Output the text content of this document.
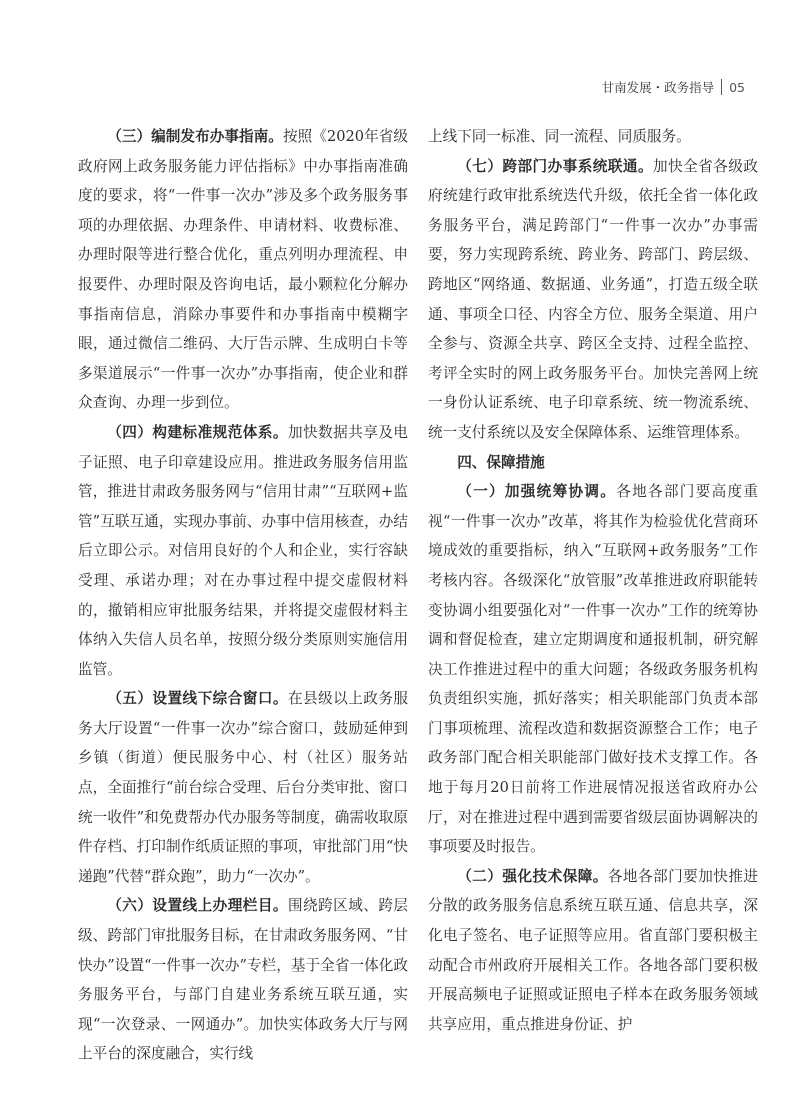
甘南发展・政务指导 05

（三）编制发布办事指南。按照《2020年省级政府网上政务服务能力评估指标》中办事指南准确度的要求，将“一件事一次办”涉及多个政务服务事项的办理依据、办理条件、申请材料、收费标准、办理时限等进行整合优化，重点列明办理流程、申报要件、办理时限及咨询电话，最小颗粒化分解办事指南信息，消除办事要件和办事指南中模糊字眼，通过微信二维码、大厅告示牌、生成明白卡等多渠道展示“一件事一次办”办事指南，使企业和群众查询、办理一步到位。

（四）构建标准规范体系。加快数据共享及电子证照、电子印章建设应用。推进政务服务信用监管，推进甘肃政务服务网与“信用甘肃”“互联网+监管”互联互通，实现办事前、办事中信用核查，办结后立即公示。对信用良好的个人和企业，实行容缺受理、承诺办理；对在办事过程中提交虚假材料的，撤销相应审批服务结果，并将提交虚假材料主体纳入失信人员名单，按照分级分类原则实施信用监管。

（五）设置线下综合窗口。在县级以上政务服务大厅设置“一件事一次办”综合窗口，鼓励延伸到乡镇（街道）便民服务中心、村（社区）服务站点，全面推行“前台综合受理、后台分类审批、窗口统一收件”和免费帮办代办服务等制度，确需收取原件存档、打印制作纸质证照的事项，审批部门用“快递跑”代替“群众跑”，助力“一次办”。

（六）设置线上办理栏目。围绕跨区域、跨层级、跨部门审批服务目标，在甘肃政务服务网、“甘快办”设置“一件事一次办”专栏，基于全省一体化政务服务平台，与部门自建业务系统互联互通，实现“一次登录、一网通办”。加快实体政务大厅与网上平台的深度融合，实行线

上线下同一标准、同一流程、同质服务。

（七）跨部门办事系统联通。加快全省各级政府统建行政审批系统迭代升级，依托全省一体化政务服务平台，满足跨部门“一件事一次办”办事需要，努力实现跨系统、跨业务、跨部门、跨层级、跨地区“网络通、数据通、业务通”，打造五级全联通、事项全口径、内容全方位、服务全渠道、用户全参与、资源全共享、跨区全支持、过程全监控、考评全实时的网上政务服务平台。加快完善网上统一身份认证系统、电子印章系统、统一物流系统、统一支付系统以及安全保障体系、运维管理体系。

四、保障措施

（一）加强统筹协调。各地各部门要高度重视“一件事一次办”改革，将其作为检验优化营商环境成效的重要指标，纳入“互联网+政务服务”工作考核内容。各级深化“放管服”改革推进政府职能转变协调小组要强化对“一件事一次办”工作的统筹协调和督促检查，建立定期调度和通报机制，研究解决工作推进过程中的重大问题；各级政务服务机构负责组织实施，抓好落实；相关职能部门负责本部门事项梳理、流程改造和数据资源整合工作；电子政务部门配合相关职能部门做好技术支撑工作。各地于每月20日前将工作进展情况报送省政府办公厅，对在推进过程中遇到需要省级层面协调解决的事项要及时报告。

（二）强化技术保障。各地各部门要加快推进分散的政务服务信息系统互联互通、信息共享，深化电子签名、电子证照等应用。省直部门要积极主动配合市州政府开展相关工作。各地各部门要积极开展高频电子证照或证照电子样本在政务服务领域共享应用，重点推进身份证、护
